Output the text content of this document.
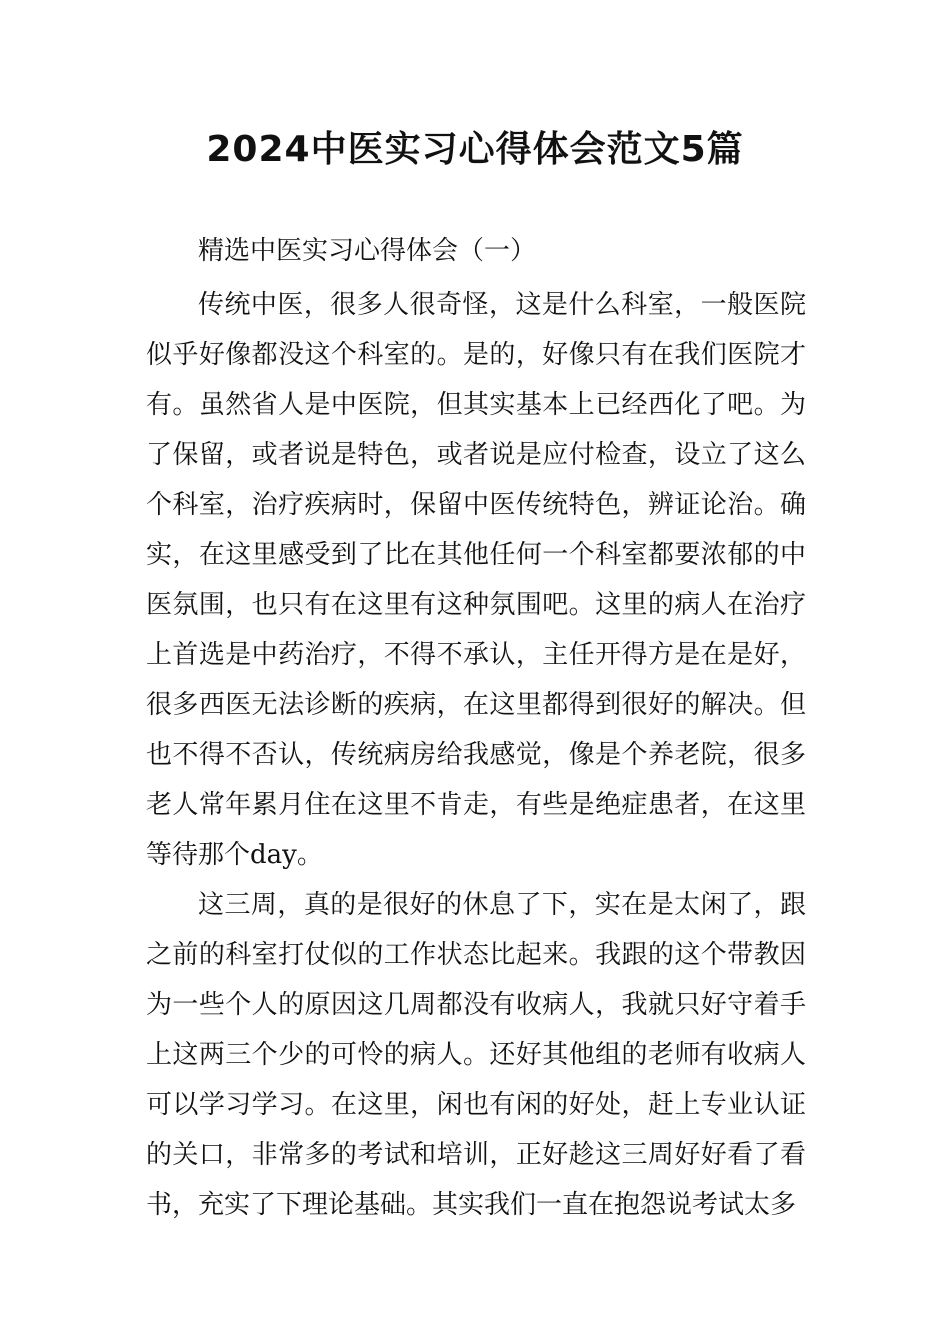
2024中医实习心得体会范文5篇

精选中医实习心得体会（一）

传统中医，很多人很奇怪，这是什么科室，一般医院似乎好像都没这个科室的。是的，好像只有在我们医院才有。虽然省人是中医院，但其实基本上已经西化了吧。为了保留，或者说是特色，或者说是应付检查，设立了这么个科室，治疗疾病时，保留中医传统特色，辨证论治。确实，在这里感受到了比在其他任何一个科室都要浓郁的中医氛围，也只有在这里有这种氛围吧。这里的病人在治疗上首选是中药治疗，不得不承认，主任开得方是在是好，很多西医无法诊断的疾病，在这里都得到很好的解决。但也不得不否认，传统病房给我感觉，像是个养老院，很多老人常年累月住在这里不肯走，有些是绝症患者，在这里等待那个day。

这三周，真的是很好的休息了下，实在是太闲了，跟之前的科室打仗似的工作状态比起来。我跟的这个带教因为一些个人的原因这几周都没有收病人，我就只好守着手上这两三个少的可怜的病人。还好其他组的老师有收病人可以学习学习。在这里，闲也有闲的好处，赶上专业认证的关口，非常多的考试和培训，正好趁这三周好好看了看书，充实了下理论基础。其实我们一直在抱怨说考试太多
